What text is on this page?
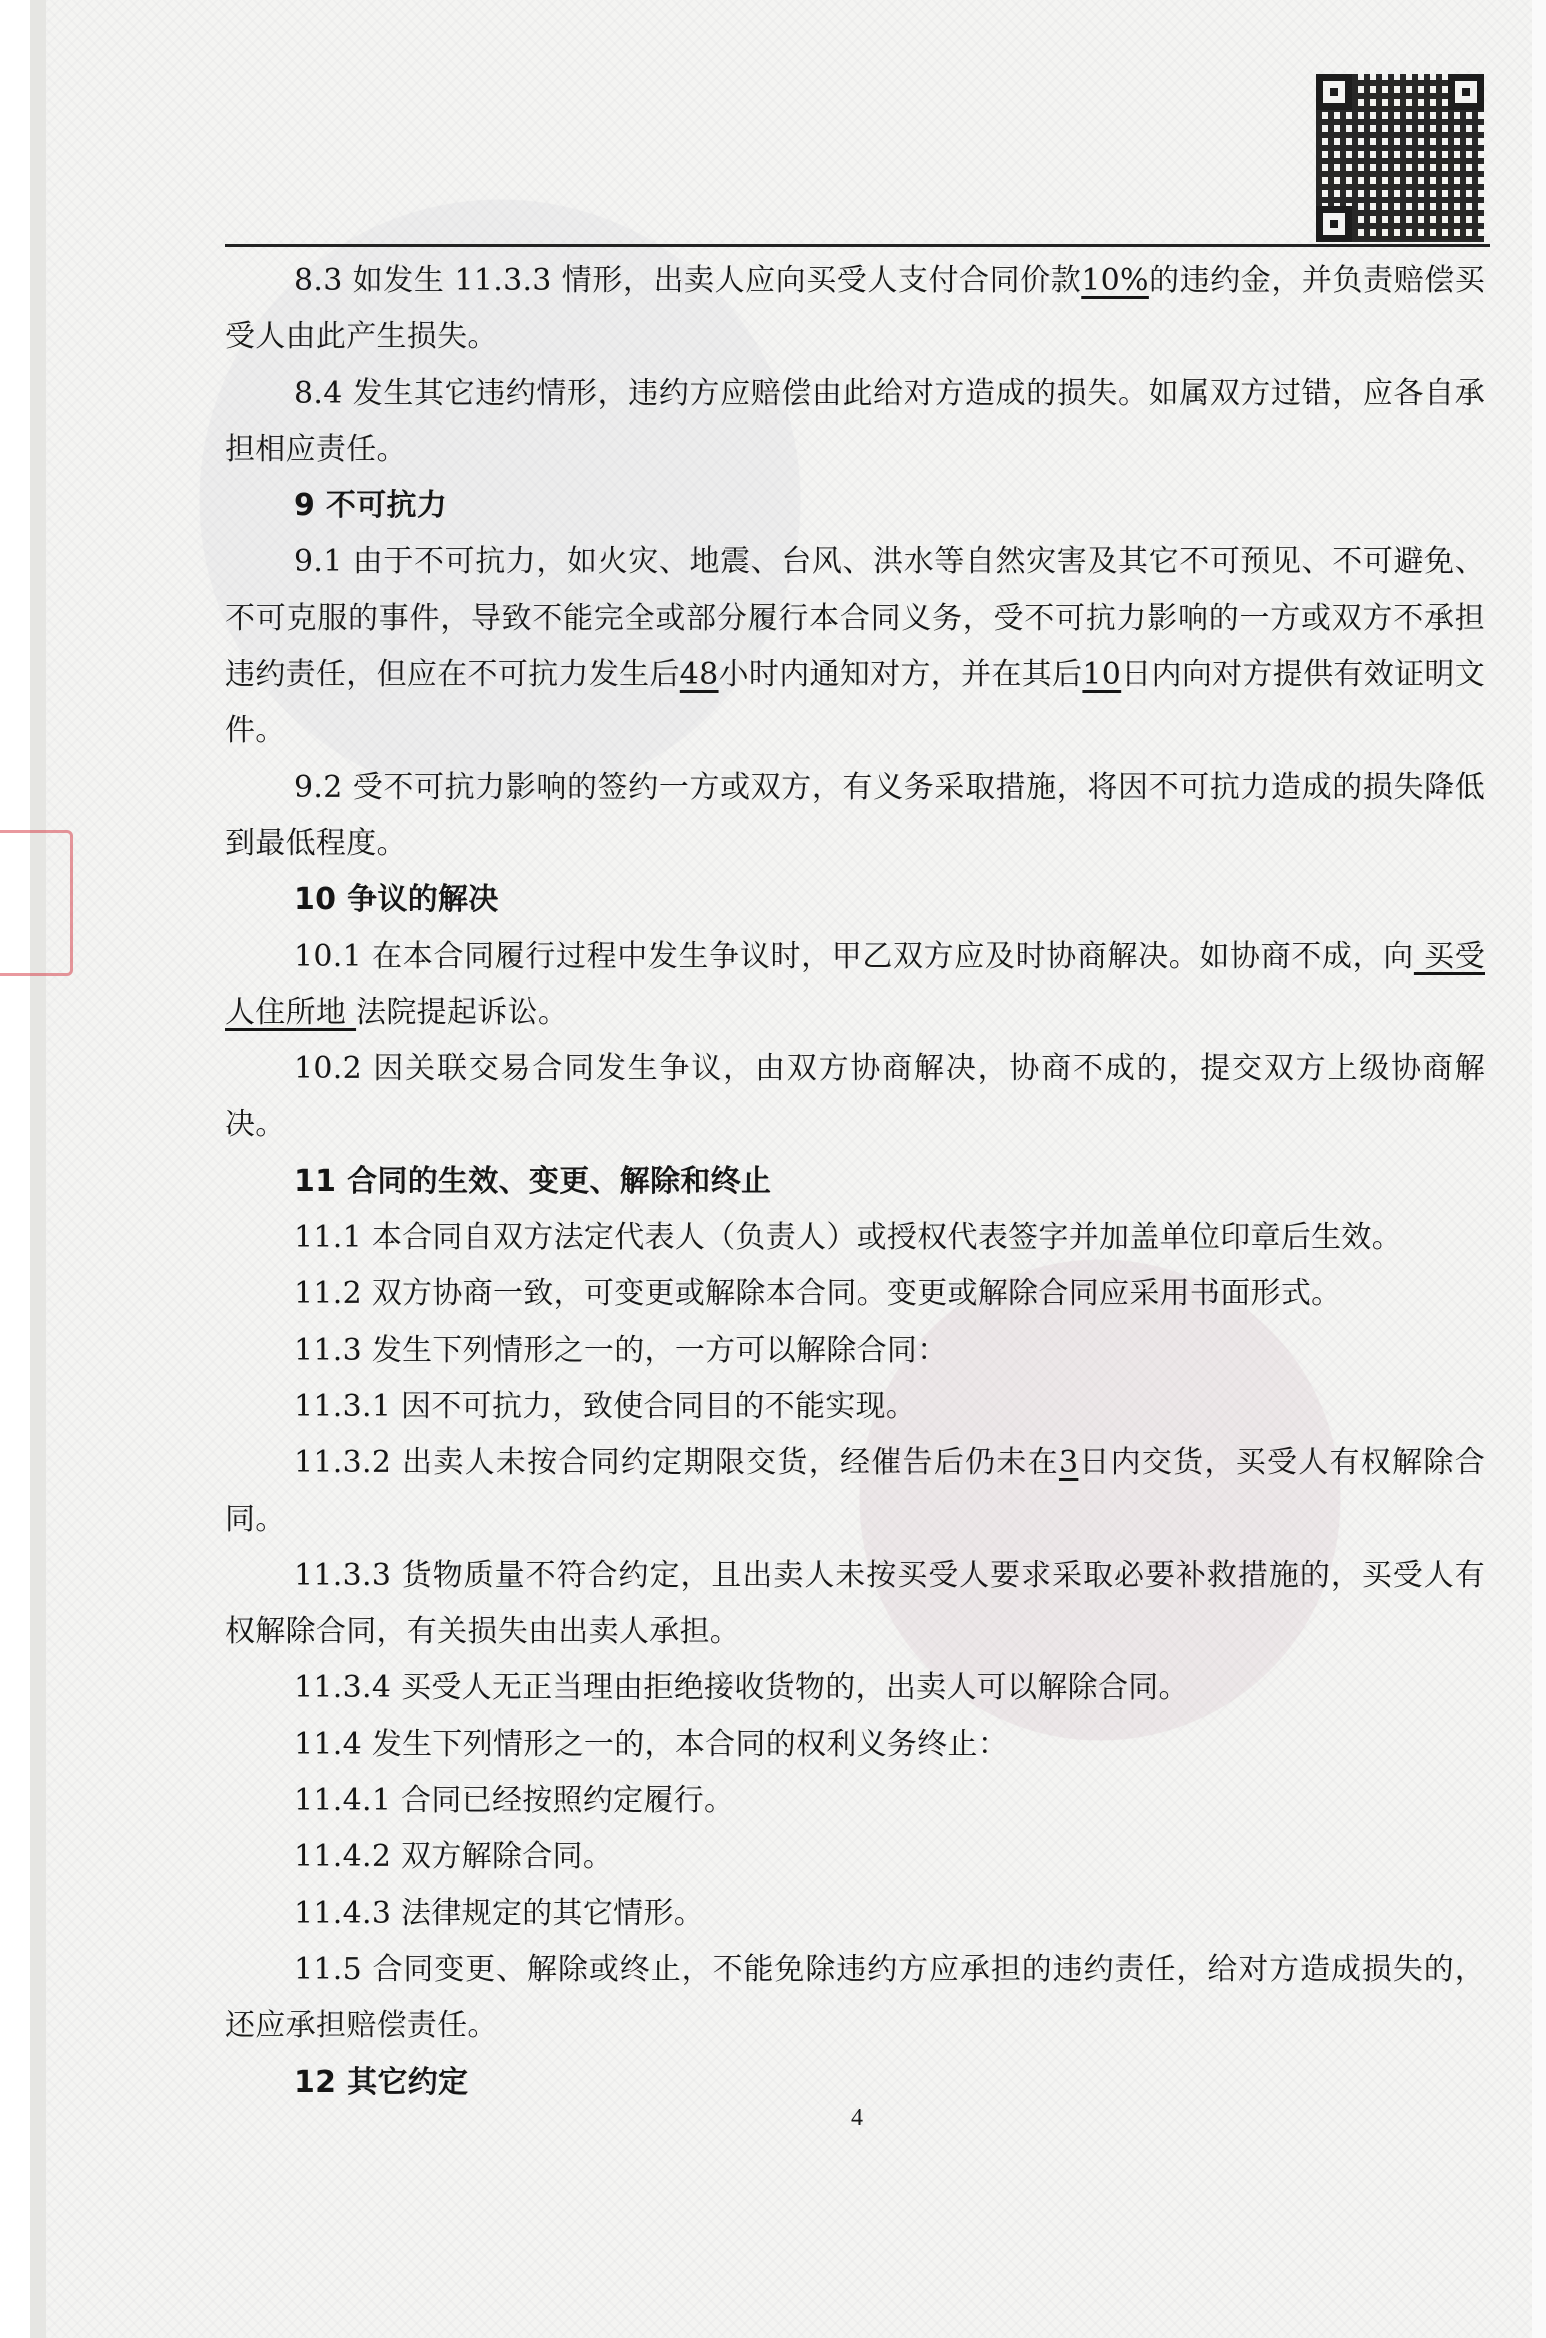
8.3 如发生 11.3.3 情形，出卖人应向买受人支付合同价款10%的违约金，并负责赔偿买受人由此产生损失。

8.4 发生其它违约情形，违约方应赔偿由此给对方造成的损失。如属双方过错，应各自承担相应责任。

9 不可抗力

9.1 由于不可抗力，如火灾、地震、台风、洪水等自然灾害及其它不可预见、不可避免、不可克服的事件，导致不能完全或部分履行本合同义务，受不可抗力影响的一方或双方不承担违约责任，但应在不可抗力发生后48小时内通知对方，并在其后10日内向对方提供有效证明文件。

9.2 受不可抗力影响的签约一方或双方，有义务采取措施，将因不可抗力造成的损失降低到最低程度。

10 争议的解决

10.1 在本合同履行过程中发生争议时，甲乙双方应及时协商解决。如协商不成，向 买受人住所地 法院提起诉讼。

10.2 因关联交易合同发生争议，由双方协商解决，协商不成的，提交双方上级协商解决。

11 合同的生效、变更、解除和终止

11.1 本合同自双方法定代表人（负责人）或授权代表签字并加盖单位印章后生效。

11.2 双方协商一致，可变更或解除本合同。变更或解除合同应采用书面形式。

11.3 发生下列情形之一的，一方可以解除合同：

11.3.1 因不可抗力，致使合同目的不能实现。

11.3.2 出卖人未按合同约定期限交货，经催告后仍未在3日内交货，买受人有权解除合同。

11.3.3 货物质量不符合约定，且出卖人未按买受人要求采取必要补救措施的，买受人有权解除合同，有关损失由出卖人承担。

11.3.4 买受人无正当理由拒绝接收货物的，出卖人可以解除合同。

11.4 发生下列情形之一的，本合同的权利义务终止：

11.4.1 合同已经按照约定履行。

11.4.2 双方解除合同。

11.4.3 法律规定的其它情形。

11.5 合同变更、解除或终止，不能免除违约方应承担的违约责任，给对方造成损失的，还应承担赔偿责任。

12 其它约定

4
